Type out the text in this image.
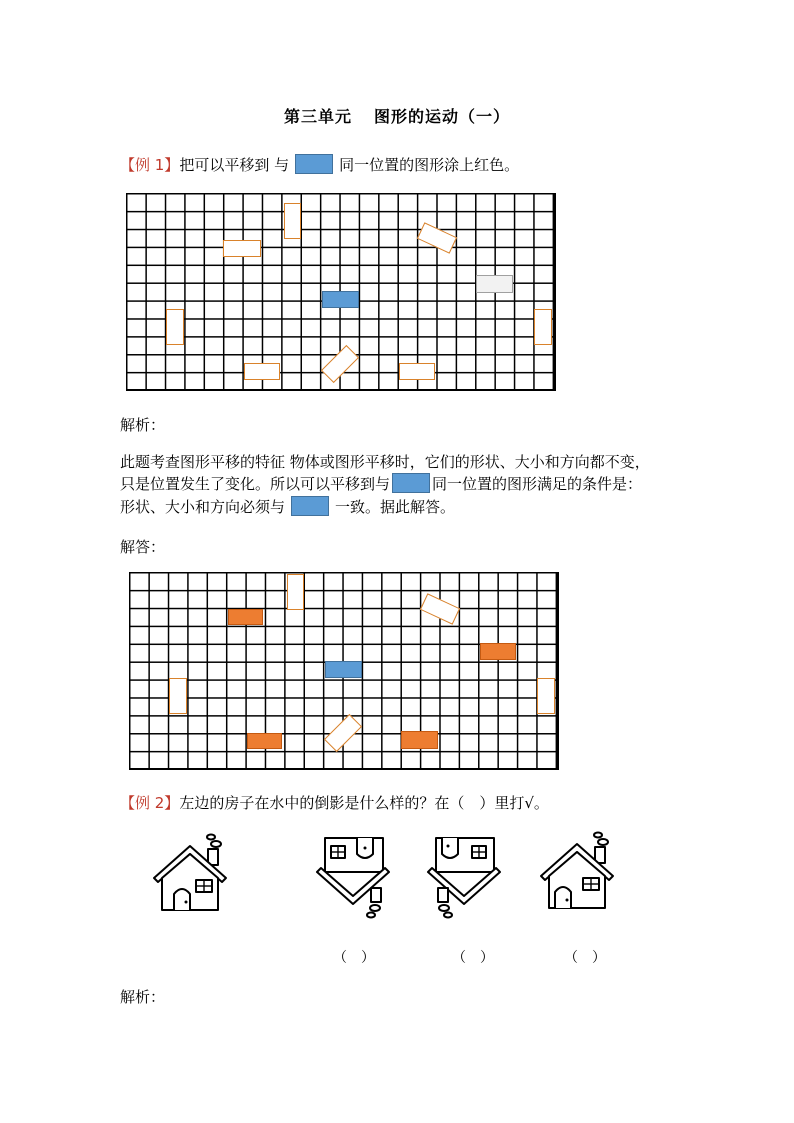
第三单元 图形的运动（一）
【例 1】把可以平移到 与	同一位置的图形涂上红色。
解析：
此题考查图形平移的特征 物体或图形平移时，它们的形状、大小和方向都不变，
只是位置发生了变化。所以可以平移到与	同一位置的图形满足的条件是：
形状、大小和方向必须与	一致。据此解答。
解答：
【例 2】左边的房子在水中的倒影是什么样的？在（　）里打√。
（　）	（　）	（　）
解析：
